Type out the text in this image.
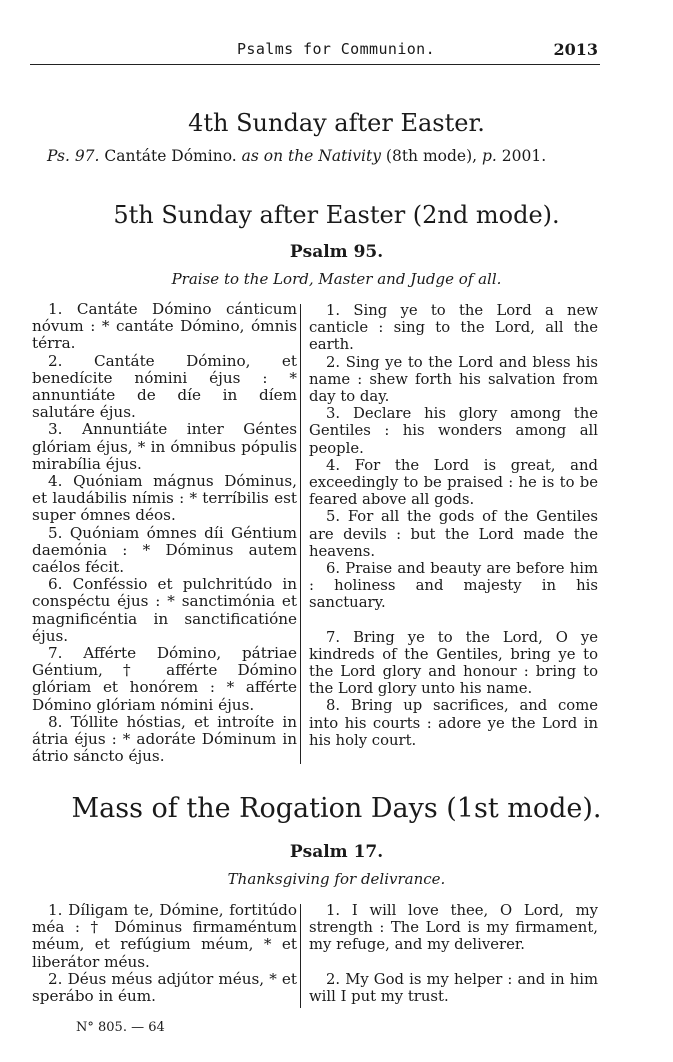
Psalms for Communion.	2013
4th Sunday after Easter.
Ps. 97. Cantáte Dómino. as on the Nativity (8th mode), p. 2001.
5th Sunday after Easter (2nd mode).
Psalm 95.
Praise to the Lord, Master and Judge of all.

1. Cantáte Dómino cánticum nóvum : * cantáte Dómino, ómnis térra.

2. Cantáte Dómino, et benedícite nómini éjus : * annuntiáte de díe in díem salutáre éjus.

3. Annuntiáte inter Géntes glóriam éjus, * in ómnibus pópulis mirabília éjus.

4. Quóniam mágnus Dóminus, et laudábilis nímis : * terríbilis est super ómnes déos.

5. Quóniam ómnes díi Géntium daemónia : * Dóminus autem caélos fécit.

6. Conféssio et pulchritúdo in conspéctu éjus : * sanctimónia et magnificéntia in sanctificatióne éjus.

7. Afférte Dómino, pátriae Géntium, † afférte Dómino glóriam et honórem : * afférte Dómino glóriam nómini éjus.

8. Tóllite hóstias, et introíte in átria éjus : * adoráte Dóminum in átrio sáncto éjus.

1. Sing ye to the Lord a new canticle : sing to the Lord, all the earth.

2. Sing ye to the Lord and bless his name : shew forth his salvation from day to day.

3. Declare his glory among the Gentiles : his wonders among all people.

4. For the Lord is great, and exceedingly to be praised : he is to be feared above all gods.

5. For all the gods of the Gentiles are devils : but the Lord made the heavens.

6. Praise and beauty are before him : holiness and majesty in his sanctuary.

7. Bring ye to the Lord, O ye kindreds of the Gentiles, bring ye to the Lord glory and honour : bring to the Lord glory unto his name.

8. Bring up sacrifices, and come into his courts : adore ye the Lord in his holy court.

Mass of the Rogation Days (1st mode).
Psalm 17.
Thanksgiving for delivrance.

1. Díligam te, Dómine, fortitúdo méa : † Dóminus firmaméntum méum, et refúgium méum, * et liberátor méus.

2. Déus méus adjútor méus, * et sperábo in éum.

1. I will love thee, O Lord, my strength : The Lord is my firmament, my refuge, and my deliverer.

2. My God is my helper : and in him will I put my trust.

N° 805. — 64
